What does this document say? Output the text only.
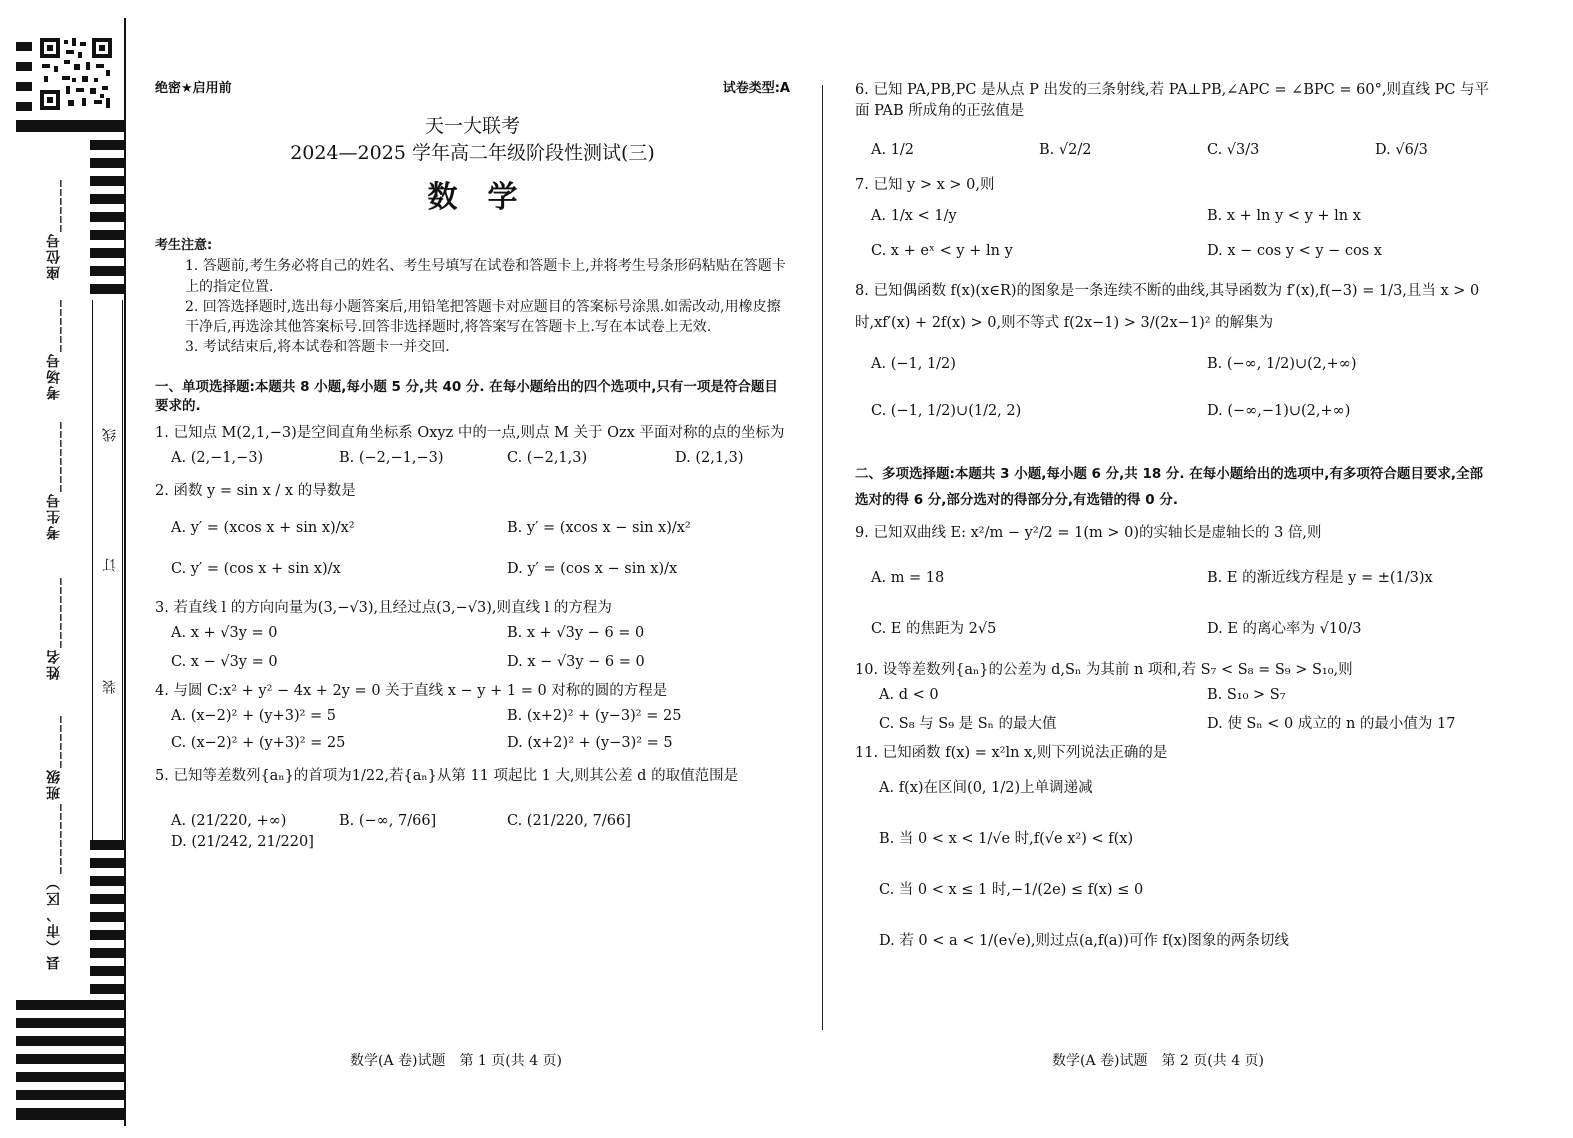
座位号______
考场号______
考生号________
姓名________
班级______
县（市、区）________
线
订
装
绝密★启用前	试卷类型:A
天一大联考
2024—2025 学年高二年级阶段性测试(三)
数　学
考生注意:

1. 答题前,考生务必将自己的姓名、考生号填写在试卷和答题卡上,并将考生号条形码粘贴在答题卡上的指定位置.

2. 回答选择题时,选出每小题答案后,用铅笔把答题卡对应题目的答案标号涂黑.如需改动,用橡皮擦干净后,再选涂其他答案标号.回答非选择题时,将答案写在答题卡上.写在本试卷上无效.

3. 考试结束后,将本试卷和答题卡一并交回.

一、单项选择题:本题共 8 小题,每小题 5 分,共 40 分. 在每小题给出的四个选项中,只有一项是符合题目要求的.

1. 已知点 M(2,1,−3)是空间直角坐标系 Oxyz 中的一点,则点 M 关于 Ozx 平面对称的点的坐标为

A. (2,−1,−3)	B. (−2,−1,−3)	C. (−2,1,3)	D. (2,1,3)

2. 函数 y = sin x / x 的导数是

A. y′ = (xcos x + sin x)/x²	B. y′ = (xcos x − sin x)/x²
C. y′ = (cos x + sin x)/x	D. y′ = (cos x − sin x)/x

3. 若直线 l 的方向向量为(3,−√3),且经过点(3,−√3),则直线 l 的方程为

A. x + √3y = 0	B. x + √3y − 6 = 0
C. x − √3y = 0	D. x − √3y − 6 = 0

4. 与圆 C:x² + y² − 4x + 2y = 0 关于直线 x − y + 1 = 0 对称的圆的方程是

A. (x−2)² + (y+3)² = 5	B. (x+2)² + (y−3)² = 25
C. (x−2)² + (y+3)² = 25	D. (x+2)² + (y−3)² = 5

5. 已知等差数列{aₙ}的首项为1/22,若{aₙ}从第 11 项起比 1 大,则其公差 d 的取值范围是

A. (21/220, +∞)	B. (−∞, 7/66]	C. (21/220, 7/66]
D. (21/242, 21/220]

6. 已知 PA,PB,PC 是从点 P 出发的三条射线,若 PA⊥PB,∠APC = ∠BPC = 60°,则直线 PC 与平面 PAB 所成角的正弦值是

A. 1/2	B. √2/2	C. √3/3	D. √6/3

7. 已知 y > x > 0,则

A. 1/x < 1/y	B. x + ln y < y + ln x
C. x + eˣ < y + ln y	D. x − cos y < y − cos x

8. 已知偶函数 f(x)(x∈R)的图象是一条连续不断的曲线,其导函数为 f′(x),f(−3) = 1/3,且当 x > 0 时,xf′(x) + 2f(x) > 0,则不等式 f(2x−1) > 3/(2x−1)² 的解集为

A. (−1, 1/2)	B. (−∞, 1/2)∪(2,+∞)
C. (−1, 1/2)∪(1/2, 2)	D. (−∞,−1)∪(2,+∞)
二、多项选择题:本题共 3 小题,每小题 6 分,共 18 分. 在每小题给出的选项中,有多项符合题目要求,全部选对的得 6 分,部分选对的得部分分,有选错的得 0 分.

9. 已知双曲线 E: x²/m − y²/2 = 1(m > 0)的实轴长是虚轴长的 3 倍,则

A. m = 18	B. E 的渐近线方程是 y = ±(1/3)x
C. E 的焦距为 2√5	D. E 的离心率为 √10/3

10. 设等差数列{aₙ}的公差为 d,Sₙ 为其前 n 项和,若 S₇ < S₈ = S₉ > S₁₀,则

A. d < 0	B. S₁₀ > S₇
C. S₈ 与 S₉ 是 Sₙ 的最大值	D. 使 Sₙ < 0 成立的 n 的最小值为 17

11. 已知函数 f(x) = x²ln x,则下列说法正确的是

A. f(x)在区间(0, 1/2)上单调递减
B. 当 0 < x < 1/√e 时,f(√e x²) < f(x)
C. 当 0 < x ≤ 1 时,−1/(2e) ≤ f(x) ≤ 0
D. 若 0 < a < 1/(e√e),则过点(a,f(a))可作 f(x)图象的两条切线
数学(A 卷)试题　第 1 页(共 4 页)	数学(A 卷)试题　第 2 页(共 4 页)
